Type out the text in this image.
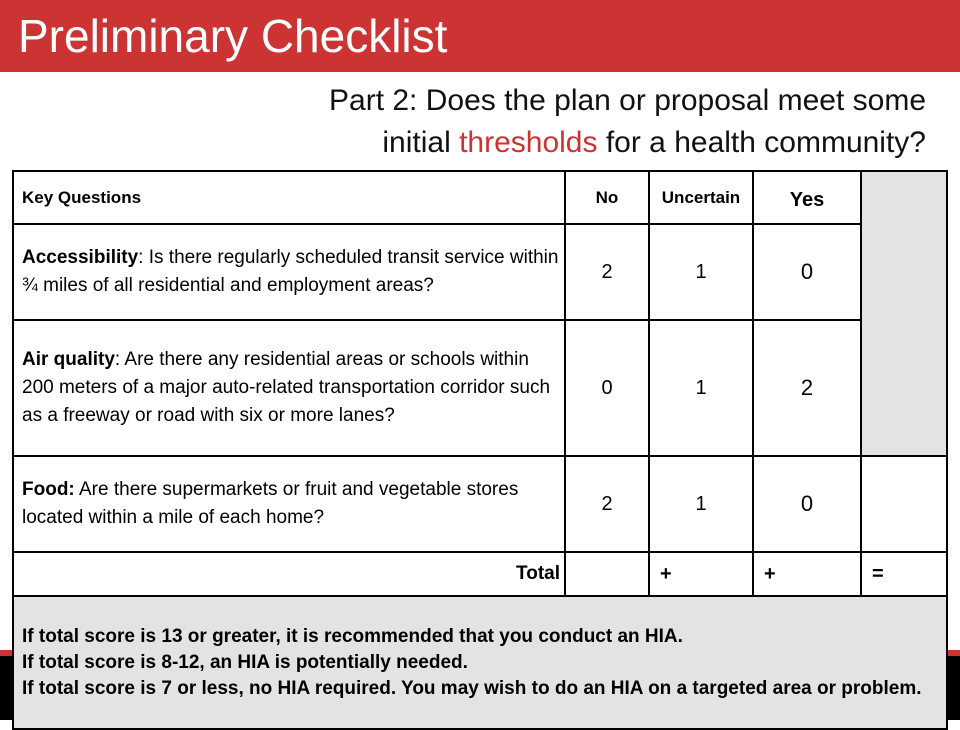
Preliminary Checklist
Part 2: Does the plan or proposal meet some
initial thresholds for a health community?
Key Questions	No	Uncertain	Yes	
Accessibility: Is there regularly scheduled transit service within ¾ miles of all residential and employment areas?	2	1	0	
Air quality: Are there any residential areas or schools within 200 meters of a major auto-related transportation corridor such as a freeway or road with six or more lanes?	0	1	2	
Food: Are there supermarkets or fruit and vegetable stores located within a mile of each home?	2	1	0	
Total		+	+	=

If total score is 13 or greater, it is recommended that you conduct an HIA.
If total score is 8-12, an HIA is potentially needed.
If total score is 7 or less, no HIA required. You may wish to do an HIA on a targeted area or problem.				
